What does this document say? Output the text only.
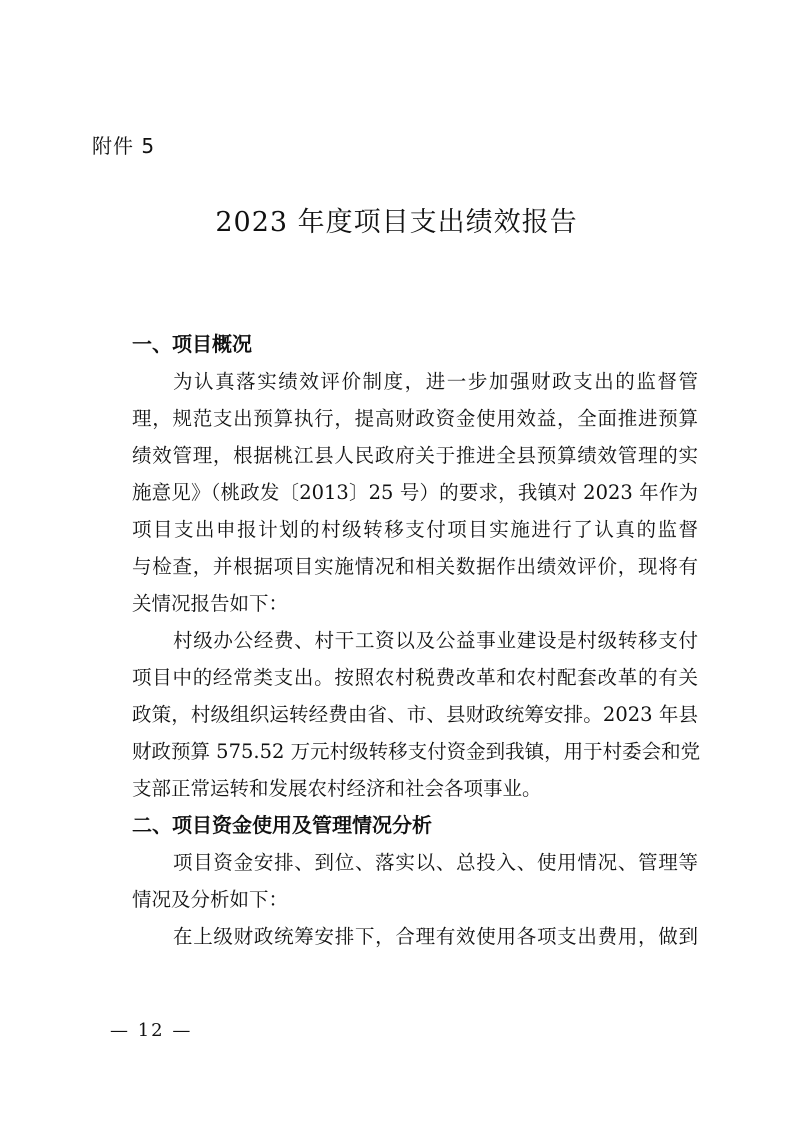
附件 5

2023 年度项目支出绩效报告

一、项目概况

为认真落实绩效评价制度，进一步加强财政支出的监督管
理，规范支出预算执行，提高财政资金使用效益，全面推进预算
绩效管理，根据桃江县人民政府关于推进全县预算绩效管理的实
施意见》（桃政发〔2013〕25 号）的要求，我镇对 2023 年作为
项目支出申报计划的村级转移支付项目实施进行了认真的监督
与检查，并根据项目实施情况和相关数据作出绩效评价，现将有
关情况报告如下：
村级办公经费、村干工资以及公益事业建设是村级转移支付
项目中的经常类支出。按照农村税费改革和农村配套改革的有关
政策，村级组织运转经费由省、市、县财政统筹安排。2023 年县
财政预算 575.52 万元村级转移支付资金到我镇，用于村委会和党
支部正常运转和发展农村经济和社会各项事业。

二、项目资金使用及管理情况分析

项目资金安排、到位、落实以、总投入、使用情况、管理等
情况及分析如下：
在上级财政统筹安排下，合理有效使用各项支出费用，做到

— 12 —
